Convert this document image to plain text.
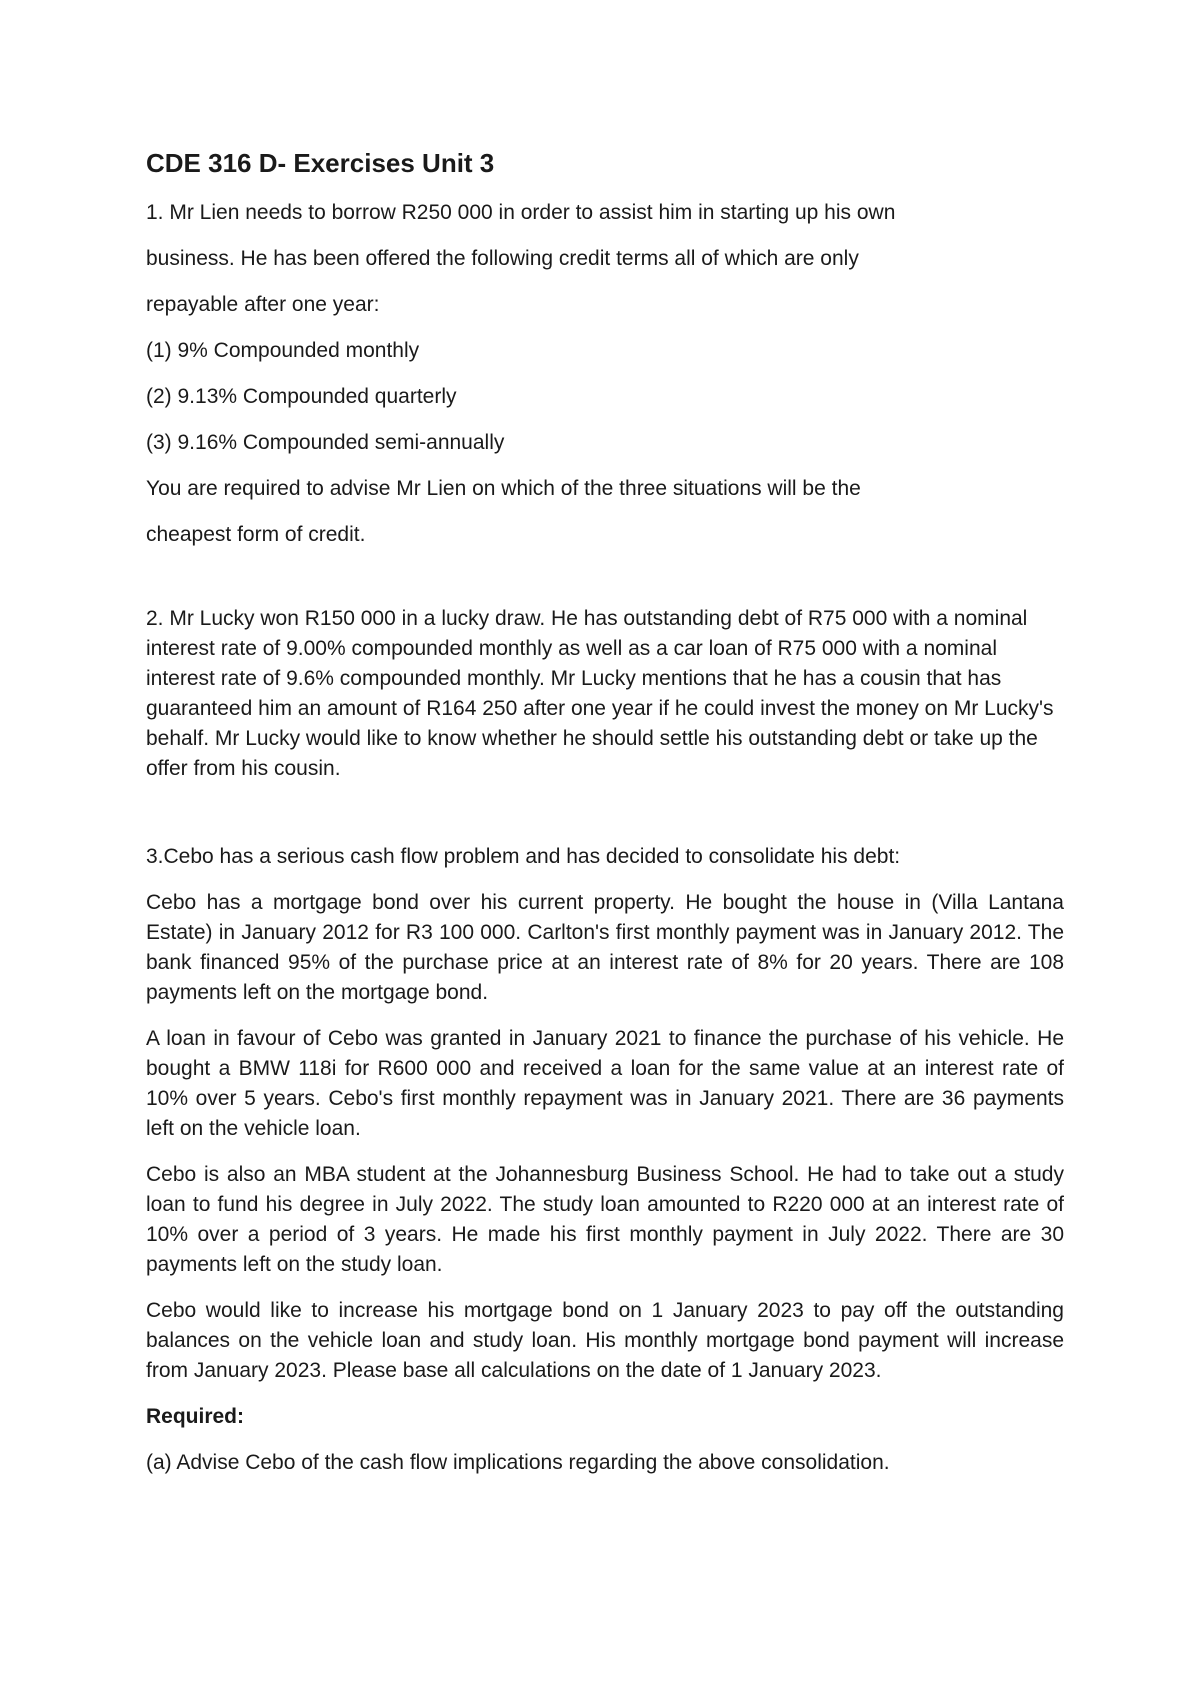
CDE 316 D- Exercises Unit 3

1. Mr Lien needs to borrow R250 000 in order to assist him in starting up his own

business. He has been offered the following credit terms all of which are only

repayable after one year:

(1) 9% Compounded monthly

(2) 9.13% Compounded quarterly

(3) 9.16% Compounded semi-annually

You are required to advise Mr Lien on which of the three situations will be the

cheapest form of credit.

2. Mr Lucky won R150 000 in a lucky draw. He has outstanding debt of R75 000 with a nominal interest rate of 9.00% compounded monthly as well as a car loan of R75 000 with a nominal interest rate of 9.6% compounded monthly. Mr Lucky mentions that he has a cousin that has guaranteed him an amount of R164 250 after one year if he could invest the money on Mr Lucky's behalf. Mr Lucky would like to know whether he should settle his outstanding debt or take up the offer from his cousin.

3.Cebo has a serious cash flow problem and has decided to consolidate his debt:

Cebo has a mortgage bond over his current property. He bought the house in (Villa Lantana Estate) in January 2012 for R3 100 000. Carlton's first monthly payment was in January 2012. The bank financed 95% of the purchase price at an interest rate of 8% for 20 years. There are 108 payments left on the mortgage bond.

A loan in favour of Cebo was granted in January 2021 to finance the purchase of his vehicle. He bought a BMW 118i for R600 000 and received a loan for the same value at an interest rate of 10% over 5 years. Cebo's first monthly repayment was in January 2021. There are 36 payments left on the vehicle loan.

Cebo is also an MBA student at the Johannesburg Business School. He had to take out a study loan to fund his degree in July 2022. The study loan amounted to R220 000 at an interest rate of 10% over a period of 3 years. He made his first monthly payment in July 2022. There are 30 payments left on the study loan.

Cebo would like to increase his mortgage bond on 1 January 2023 to pay off the outstanding balances on the vehicle loan and study loan. His monthly mortgage bond payment will increase from January 2023. Please base all calculations on the date of 1 January 2023.

Required:

(a) Advise Cebo of the cash flow implications regarding the above consolidation.
